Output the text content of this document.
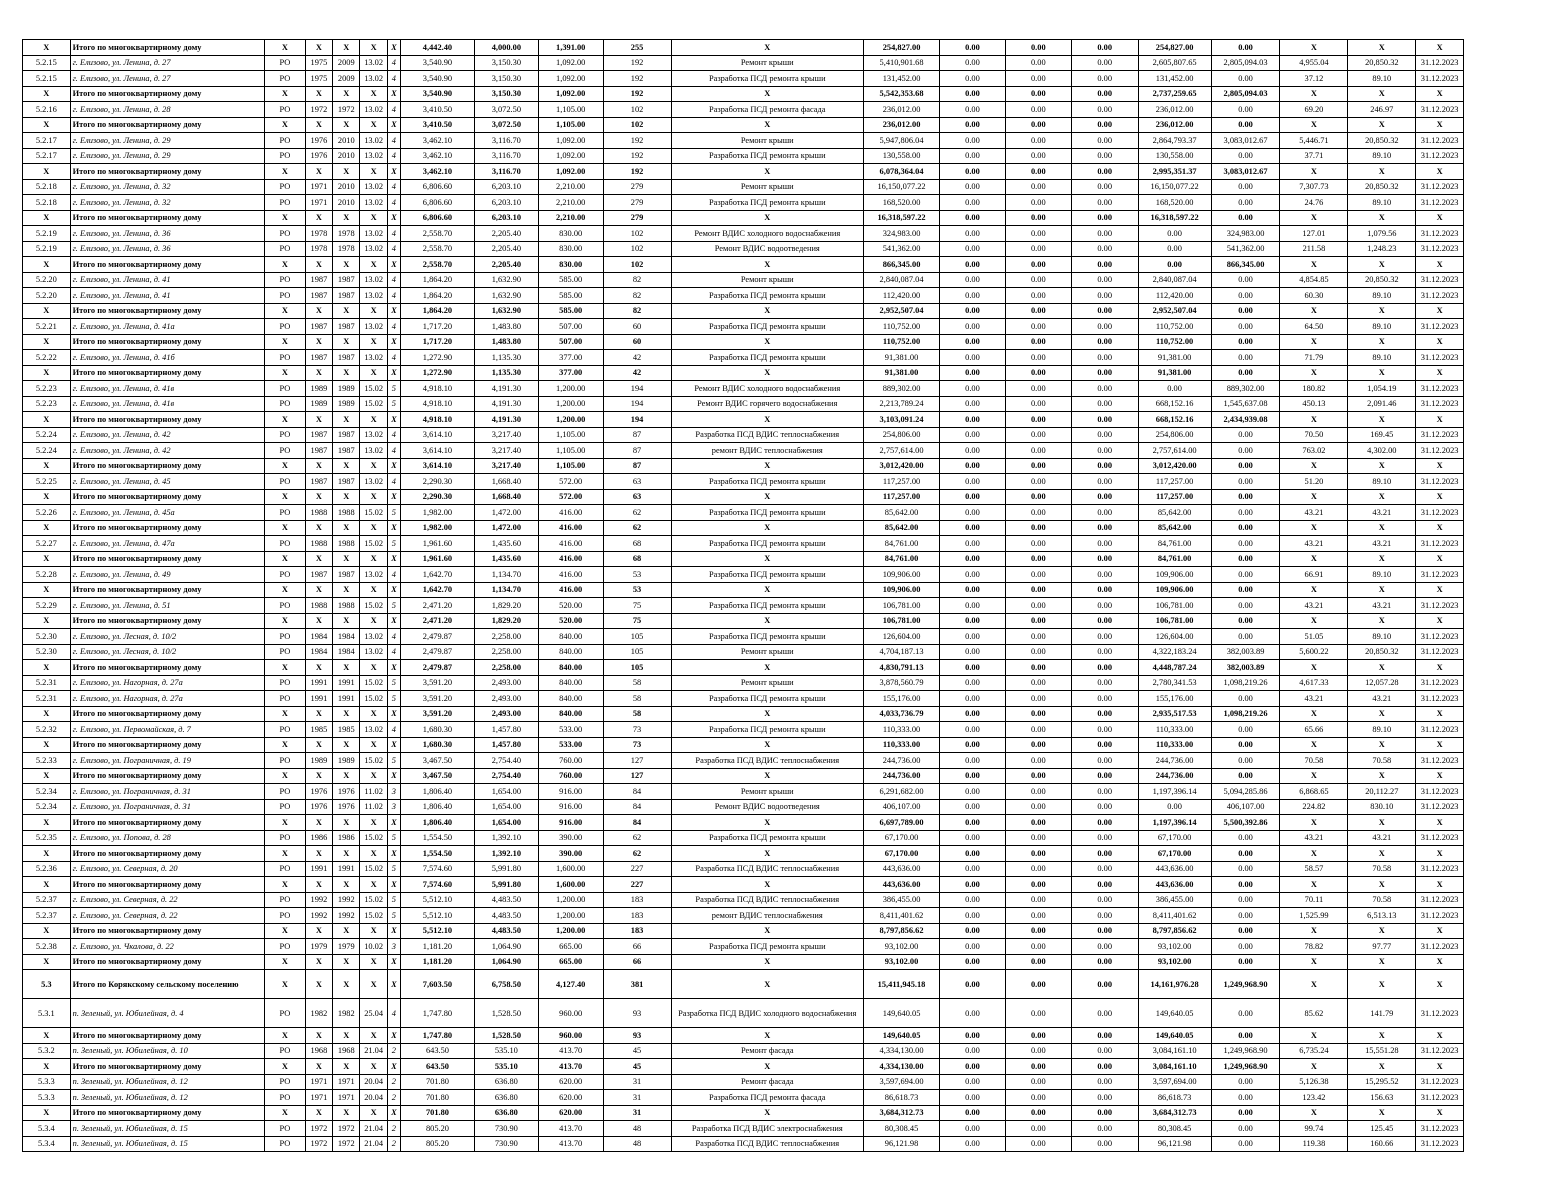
X	Итого по многоквартирному дому	X	X	X	X	X	4,442.40	4,000.00	1,391.00	255	X	254,827.00	0.00	0.00	0.00	254,827.00	0.00	X	X	X
5.2.15	г. Елизово, ул. Ленина, д. 27	РО	1975	2009	13.02	4	3,540.90	3,150.30	1,092.00	192	Ремонт крыши	5,410,901.68	0.00	0.00	0.00	2,605,807.65	2,805,094.03	4,955.04	20,850.32	31.12.2023
5.2.15	г. Елизово, ул. Ленина, д. 27	РО	1975	2009	13.02	4	3,540.90	3,150.30	1,092.00	192	Разработка ПСД ремонта крыши	131,452.00	0.00	0.00	0.00	131,452.00	0.00	37.12	89.10	31.12.2023
X	Итого по многоквартирному дому	X	X	X	X	X	3,540.90	3,150.30	1,092.00	192	X	5,542,353.68	0.00	0.00	0.00	2,737,259.65	2,805,094.03	X	X	X
5.2.16	г. Елизово, ул. Ленина, д. 28	РО	1972	1972	13.02	4	3,410.50	3,072.50	1,105.00	102	Разработка ПСД ремонта фасада	236,012.00	0.00	0.00	0.00	236,012.00	0.00	69.20	246.97	31.12.2023
X	Итого по многоквартирному дому	X	X	X	X	X	3,410.50	3,072.50	1,105.00	102	X	236,012.00	0.00	0.00	0.00	236,012.00	0.00	X	X	X
5.2.17	г. Елизово, ул. Ленина, д. 29	РО	1976	2010	13.02	4	3,462.10	3,116.70	1,092.00	192	Ремонт крыши	5,947,806.04	0.00	0.00	0.00	2,864,793.37	3,083,012.67	5,446.71	20,850.32	31.12.2023
5.2.17	г. Елизово, ул. Ленина, д. 29	РО	1976	2010	13.02	4	3,462.10	3,116.70	1,092.00	192	Разработка ПСД ремонта крыши	130,558.00	0.00	0.00	0.00	130,558.00	0.00	37.71	89.10	31.12.2023
X	Итого по многоквартирному дому	X	X	X	X	X	3,462.10	3,116.70	1,092.00	192	X	6,078,364.04	0.00	0.00	0.00	2,995,351.37	3,083,012.67	X	X	X
5.2.18	г. Елизово, ул. Ленина, д. 32	РО	1971	2010	13.02	4	6,806.60	6,203.10	2,210.00	279	Ремонт крыши	16,150,077.22	0.00	0.00	0.00	16,150,077.22	0.00	7,307.73	20,850.32	31.12.2023
5.2.18	г. Елизово, ул. Ленина, д. 32	РО	1971	2010	13.02	4	6,806.60	6,203.10	2,210.00	279	Разработка ПСД ремонта крыши	168,520.00	0.00	0.00	0.00	168,520.00	0.00	24.76	89.10	31.12.2023
X	Итого по многоквартирному дому	X	X	X	X	X	6,806.60	6,203.10	2,210.00	279	X	16,318,597.22	0.00	0.00	0.00	16,318,597.22	0.00	X	X	X
5.2.19	г. Елизово, ул. Ленина, д. 36	РО	1978	1978	13.02	4	2,558.70	2,205.40	830.00	102	Ремонт ВДИС холодного водоснабжения	324,983.00	0.00	0.00	0.00	0.00	324,983.00	127.01	1,079.56	31.12.2023
5.2.19	г. Елизово, ул. Ленина, д. 36	РО	1978	1978	13.02	4	2,558.70	2,205.40	830.00	102	Ремонт ВДИС водоотведения	541,362.00	0.00	0.00	0.00	0.00	541,362.00	211.58	1,248.23	31.12.2023
X	Итого по многоквартирному дому	X	X	X	X	X	2,558.70	2,205.40	830.00	102	X	866,345.00	0.00	0.00	0.00	0.00	866,345.00	X	X	X
5.2.20	г. Елизово, ул. Ленина, д. 41	РО	1987	1987	13.02	4	1,864.20	1,632.90	585.00	82	Ремонт крыши	2,840,087.04	0.00	0.00	0.00	2,840,087.04	0.00	4,854.85	20,850.32	31.12.2023
5.2.20	г. Елизово, ул. Ленина, д. 41	РО	1987	1987	13.02	4	1,864.20	1,632.90	585.00	82	Разработка ПСД ремонта крыши	112,420.00	0.00	0.00	0.00	112,420.00	0.00	60.30	89.10	31.12.2023
X	Итого по многоквартирному дому	X	X	X	X	X	1,864.20	1,632.90	585.00	82	X	2,952,507.04	0.00	0.00	0.00	2,952,507.04	0.00	X	X	X
5.2.21	г. Елизово, ул. Ленина, д. 41а	РО	1987	1987	13.02	4	1,717.20	1,483.80	507.00	60	Разработка ПСД ремонта крыши	110,752.00	0.00	0.00	0.00	110,752.00	0.00	64.50	89.10	31.12.2023
X	Итого по многоквартирному дому	X	X	X	X	X	1,717.20	1,483.80	507.00	60	X	110,752.00	0.00	0.00	0.00	110,752.00	0.00	X	X	X
5.2.22	г. Елизово, ул. Ленина, д. 41б	РО	1987	1987	13.02	4	1,272.90	1,135.30	377.00	42	Разработка ПСД ремонта крыши	91,381.00	0.00	0.00	0.00	91,381.00	0.00	71.79	89.10	31.12.2023
X	Итого по многоквартирному дому	X	X	X	X	X	1,272.90	1,135.30	377.00	42	X	91,381.00	0.00	0.00	0.00	91,381.00	0.00	X	X	X
5.2.23	г. Елизово, ул. Ленина, д. 41в	РО	1989	1989	15.02	5	4,918.10	4,191.30	1,200.00	194	Ремонт ВДИС холодного водоснабжения	889,302.00	0.00	0.00	0.00	0.00	889,302.00	180.82	1,054.19	31.12.2023
5.2.23	г. Елизово, ул. Ленина, д. 41в	РО	1989	1989	15.02	5	4,918.10	4,191.30	1,200.00	194	Ремонт ВДИС горячего водоснабжения	2,213,789.24	0.00	0.00	0.00	668,152.16	1,545,637.08	450.13	2,091.46	31.12.2023
X	Итого по многоквартирному дому	X	X	X	X	X	4,918.10	4,191.30	1,200.00	194	X	3,103,091.24	0.00	0.00	0.00	668,152.16	2,434,939.08	X	X	X
5.2.24	г. Елизово, ул. Ленина, д. 42	РО	1987	1987	13.02	4	3,614.10	3,217.40	1,105.00	87	Разработка ПСД ВДИС теплоснабжения	254,806.00	0.00	0.00	0.00	254,806.00	0.00	70.50	169.45	31.12.2023
5.2.24	г. Елизово, ул. Ленина, д. 42	РО	1987	1987	13.02	4	3,614.10	3,217.40	1,105.00	87	ремонт ВДИС теплоснабжения	2,757,614.00	0.00	0.00	0.00	2,757,614.00	0.00	763.02	4,302.00	31.12.2023
X	Итого по многоквартирному дому	X	X	X	X	X	3,614.10	3,217.40	1,105.00	87	X	3,012,420.00	0.00	0.00	0.00	3,012,420.00	0.00	X	X	X
5.2.25	г. Елизово, ул. Ленина, д. 45	РО	1987	1987	13.02	4	2,290.30	1,668.40	572.00	63	Разработка ПСД ремонта крыши	117,257.00	0.00	0.00	0.00	117,257.00	0.00	51.20	89.10	31.12.2023
X	Итого по многоквартирному дому	X	X	X	X	X	2,290.30	1,668.40	572.00	63	X	117,257.00	0.00	0.00	0.00	117,257.00	0.00	X	X	X
5.2.26	г. Елизово, ул. Ленина, д. 45а	РО	1988	1988	15.02	5	1,982.00	1,472.00	416.00	62	Разработка ПСД ремонта крыши	85,642.00	0.00	0.00	0.00	85,642.00	0.00	43.21	43.21	31.12.2023
X	Итого по многоквартирному дому	X	X	X	X	X	1,982.00	1,472.00	416.00	62	X	85,642.00	0.00	0.00	0.00	85,642.00	0.00	X	X	X
5.2.27	г. Елизово, ул. Ленина, д. 47а	РО	1988	1988	15.02	5	1,961.60	1,435.60	416.00	68	Разработка ПСД ремонта крыши	84,761.00	0.00	0.00	0.00	84,761.00	0.00	43.21	43.21	31.12.2023
X	Итого по многоквартирному дому	X	X	X	X	X	1,961.60	1,435.60	416.00	68	X	84,761.00	0.00	0.00	0.00	84,761.00	0.00	X	X	X
5.2.28	г. Елизово, ул. Ленина, д. 49	РО	1987	1987	13.02	4	1,642.70	1,134.70	416.00	53	Разработка ПСД ремонта крыши	109,906.00	0.00	0.00	0.00	109,906.00	0.00	66.91	89.10	31.12.2023
X	Итого по многоквартирному дому	X	X	X	X	X	1,642.70	1,134.70	416.00	53	X	109,906.00	0.00	0.00	0.00	109,906.00	0.00	X	X	X
5.2.29	г. Елизово, ул. Ленина, д. 51	РО	1988	1988	15.02	5	2,471.20	1,829.20	520.00	75	Разработка ПСД ремонта крыши	106,781.00	0.00	0.00	0.00	106,781.00	0.00	43.21	43.21	31.12.2023
X	Итого по многоквартирному дому	X	X	X	X	X	2,471.20	1,829.20	520.00	75	X	106,781.00	0.00	0.00	0.00	106,781.00	0.00	X	X	X
5.2.30	г. Елизово, ул. Лесная, д. 10/2	РО	1984	1984	13.02	4	2,479.87	2,258.00	840.00	105	Разработка ПСД ремонта крыши	126,604.00	0.00	0.00	0.00	126,604.00	0.00	51.05	89.10	31.12.2023
5.2.30	г. Елизово, ул. Лесная, д. 10/2	РО	1984	1984	13.02	4	2,479.87	2,258.00	840.00	105	Ремонт крыши	4,704,187.13	0.00	0.00	0.00	4,322,183.24	382,003.89	5,600.22	20,850.32	31.12.2023
X	Итого по многоквартирному дому	X	X	X	X	X	2,479.87	2,258.00	840.00	105	X	4,830,791.13	0.00	0.00	0.00	4,448,787.24	382,003.89	X	X	X
5.2.31	г. Елизово, ул. Нагорная, д. 27а	РО	1991	1991	15.02	5	3,591.20	2,493.00	840.00	58	Ремонт крыши	3,878,560.79	0.00	0.00	0.00	2,780,341.53	1,098,219.26	4,617.33	12,057.28	31.12.2023
5.2.31	г. Елизово, ул. Нагорная, д. 27а	РО	1991	1991	15.02	5	3,591.20	2,493.00	840.00	58	Разработка ПСД ремонта крыши	155,176.00	0.00	0.00	0.00	155,176.00	0.00	43.21	43.21	31.12.2023
X	Итого по многоквартирному дому	X	X	X	X	X	3,591.20	2,493.00	840.00	58	X	4,033,736.79	0.00	0.00	0.00	2,935,517.53	1,098,219.26	X	X	X
5.2.32	г. Елизово, ул. Первомайская, д. 7	РО	1985	1985	13.02	4	1,680.30	1,457.80	533.00	73	Разработка ПСД ремонта крыши	110,333.00	0.00	0.00	0.00	110,333.00	0.00	65.66	89.10	31.12.2023
X	Итого по многоквартирному дому	X	X	X	X	X	1,680.30	1,457.80	533.00	73	X	110,333.00	0.00	0.00	0.00	110,333.00	0.00	X	X	X
5.2.33	г. Елизово, ул. Пограничная, д. 19	РО	1989	1989	15.02	5	3,467.50	2,754.40	760.00	127	Разработка ПСД ВДИС теплоснабжения	244,736.00	0.00	0.00	0.00	244,736.00	0.00	70.58	70.58	31.12.2023
X	Итого по многоквартирному дому	X	X	X	X	X	3,467.50	2,754.40	760.00	127	X	244,736.00	0.00	0.00	0.00	244,736.00	0.00	X	X	X
5.2.34	г. Елизово, ул. Пограничная, д. 31	РО	1976	1976	11.02	3	1,806.40	1,654.00	916.00	84	Ремонт крыши	6,291,682.00	0.00	0.00	0.00	1,197,396.14	5,094,285.86	6,868.65	20,112.27	31.12.2023
5.2.34	г. Елизово, ул. Пограничная, д. 31	РО	1976	1976	11.02	3	1,806.40	1,654.00	916.00	84	Ремонт ВДИС водоотведения	406,107.00	0.00	0.00	0.00	0.00	406,107.00	224.82	830.10	31.12.2023
X	Итого по многоквартирному дому	X	X	X	X	X	1,806.40	1,654.00	916.00	84	X	6,697,789.00	0.00	0.00	0.00	1,197,396.14	5,500,392.86	X	X	X
5.2.35	г. Елизово, ул. Попова, д. 28	РО	1986	1986	15.02	5	1,554.50	1,392.10	390.00	62	Разработка ПСД ремонта крыши	67,170.00	0.00	0.00	0.00	67,170.00	0.00	43.21	43.21	31.12.2023
X	Итого по многоквартирному дому	X	X	X	X	X	1,554.50	1,392.10	390.00	62	X	67,170.00	0.00	0.00	0.00	67,170.00	0.00	X	X	X
5.2.36	г. Елизово, ул. Северная, д. 20	РО	1991	1991	15.02	5	7,574.60	5,991.80	1,600.00	227	Разработка ПСД ВДИС теплоснабжения	443,636.00	0.00	0.00	0.00	443,636.00	0.00	58.57	70.58	31.12.2023
X	Итого по многоквартирному дому	X	X	X	X	X	7,574.60	5,991.80	1,600.00	227	X	443,636.00	0.00	0.00	0.00	443,636.00	0.00	X	X	X
5.2.37	г. Елизово, ул. Северная, д. 22	РО	1992	1992	15.02	5	5,512.10	4,483.50	1,200.00	183	Разработка ПСД ВДИС теплоснабжения	386,455.00	0.00	0.00	0.00	386,455.00	0.00	70.11	70.58	31.12.2023
5.2.37	г. Елизово, ул. Северная, д. 22	РО	1992	1992	15.02	5	5,512.10	4,483.50	1,200.00	183	ремонт ВДИС теплоснабжения	8,411,401.62	0.00	0.00	0.00	8,411,401.62	0.00	1,525.99	6,513.13	31.12.2023
X	Итого по многоквартирному дому	X	X	X	X	X	5,512.10	4,483.50	1,200.00	183	X	8,797,856.62	0.00	0.00	0.00	8,797,856.62	0.00	X	X	X
5.2.38	г. Елизово, ул. Чкалова, д. 22	РО	1979	1979	10.02	3	1,181.20	1,064.90	665.00	66	Разработка ПСД ремонта крыши	93,102.00	0.00	0.00	0.00	93,102.00	0.00	78.82	97.77	31.12.2023
X	Итого по многоквартирному дому	X	X	X	X	X	1,181.20	1,064.90	665.00	66	X	93,102.00	0.00	0.00	0.00	93,102.00	0.00	X	X	X
5.3	Итого по Корякскому сельскому поселению	X	X	X	X	X	7,603.50	6,758.50	4,127.40	381	X	15,411,945.18	0.00	0.00	0.00	14,161,976.28	1,249,968.90	X	X	X
5.3.1	п. Зеленый, ул. Юбилейная, д. 4	РО	1982	1982	25.04	4	1,747.80	1,528.50	960.00	93	Разработка ПСД ВДИС холодного водоснабжения	149,640.05	0.00	0.00	0.00	149,640.05	0.00	85.62	141.79	31.12.2023
X	Итого по многоквартирному дому	X	X	X	X	X	1,747.80	1,528.50	960.00	93	X	149,640.05	0.00	0.00	0.00	149,640.05	0.00	X	X	X
5.3.2	п. Зеленый, ул. Юбилейная, д. 10	РО	1968	1968	21.04	2	643.50	535.10	413.70	45	Ремонт фасада	4,334,130.00	0.00	0.00	0.00	3,084,161.10	1,249,968.90	6,735.24	15,551.28	31.12.2023
X	Итого по многоквартирному дому	X	X	X	X	X	643.50	535.10	413.70	45	X	4,334,130.00	0.00	0.00	0.00	3,084,161.10	1,249,968.90	X	X	X
5.3.3	п. Зеленый, ул. Юбилейная, д. 12	РО	1971	1971	20.04	2	701.80	636.80	620.00	31	Ремонт фасада	3,597,694.00	0.00	0.00	0.00	3,597,694.00	0.00	5,126.38	15,295.52	31.12.2023
5.3.3	п. Зеленый, ул. Юбилейная, д. 12	РО	1971	1971	20.04	2	701.80	636.80	620.00	31	Разработка ПСД ремонта фасада	86,618.73	0.00	0.00	0.00	86,618.73	0.00	123.42	156.63	31.12.2023
X	Итого по многоквартирному дому	X	X	X	X	X	701.80	636.80	620.00	31	X	3,684,312.73	0.00	0.00	0.00	3,684,312.73	0.00	X	X	X
5.3.4	п. Зеленый, ул. Юбилейная, д. 15	РО	1972	1972	21.04	2	805.20	730.90	413.70	48	Разработка ПСД ВДИС электроснабжения	80,308.45	0.00	0.00	0.00	80,308.45	0.00	99.74	125.45	31.12.2023
5.3.4	п. Зеленый, ул. Юбилейная, д. 15	РО	1972	1972	21.04	2	805.20	730.90	413.70	48	Разработка ПСД ВДИС теплоснабжения	96,121.98	0.00	0.00	0.00	96,121.98	0.00	119.38	160.66	31.12.2023
